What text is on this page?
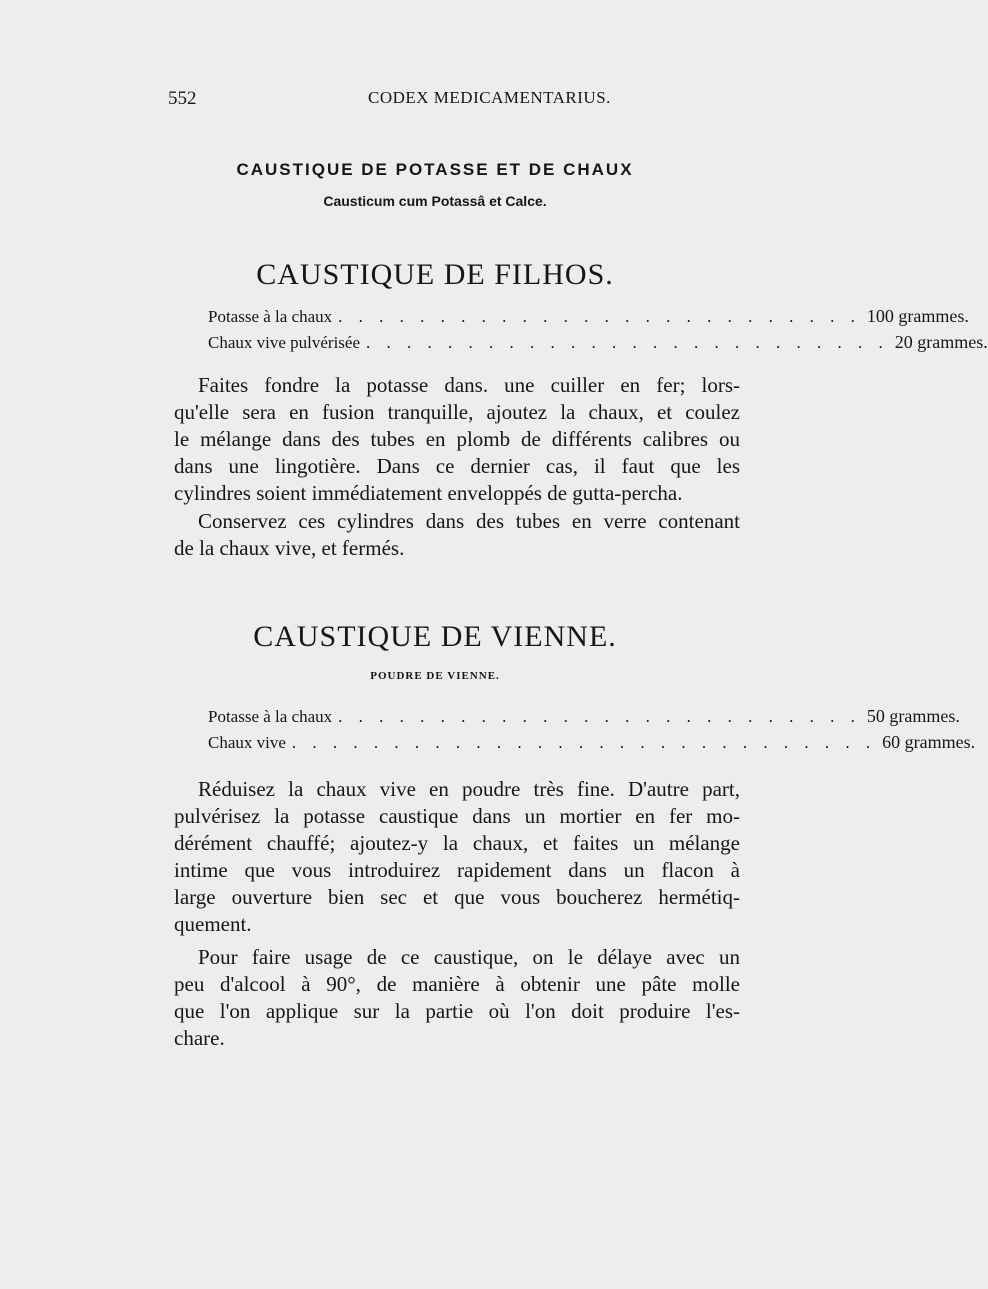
552	CODEX MEDICAMENTARIUS.
CAUSTIQUE DE POTASSE ET DE CHAUX
Causticum cum Potassâ et Calce.
CAUSTIQUE DE FILHOS.
Potasse à la chaux . . . . . . . . . . . . . . . . . . . . . . . . . . 100 grammes.
Chaux vive pulvérisée . . . . . . . . . . . . . . . . . . . . . . . . . . 20 grammes.
Faites fondre la potasse dans. une cuiller en fer; lors-
qu'elle sera en fusion tranquille, ajoutez la chaux, et coulez
le mélange dans des tubes en plomb de différents calibres ou
dans une lingotière. Dans ce dernier cas, il faut que les
cylindres soient immédiatement enveloppés de gutta-percha.
Conservez ces cylindres dans des tubes en verre contenant
de la chaux vive, et fermés.
CAUSTIQUE DE VIENNE.
POUDRE DE VIENNE.
Potasse à la chaux . . . . . . . . . . . . . . . . . . . . . . . . . . 50 grammes.
Chaux vive . . . . . . . . . . . . . . . . . . . . . . . . . . . . . 60 grammes.
Réduisez la chaux vive en poudre très fine. D'autre part,
pulvérisez la potasse caustique dans un mortier en fer mo-
dérément chauffé; ajoutez-y la chaux, et faites un mélange
intime que vous introduirez rapidement dans un flacon à
large ouverture bien sec et que vous boucherez hermétiq-
quement.
Pour faire usage de ce caustique, on le délaye avec un
peu d'alcool à 90°, de manière à obtenir une pâte molle
que l'on applique sur la partie où l'on doit produire l'es-
chare.
